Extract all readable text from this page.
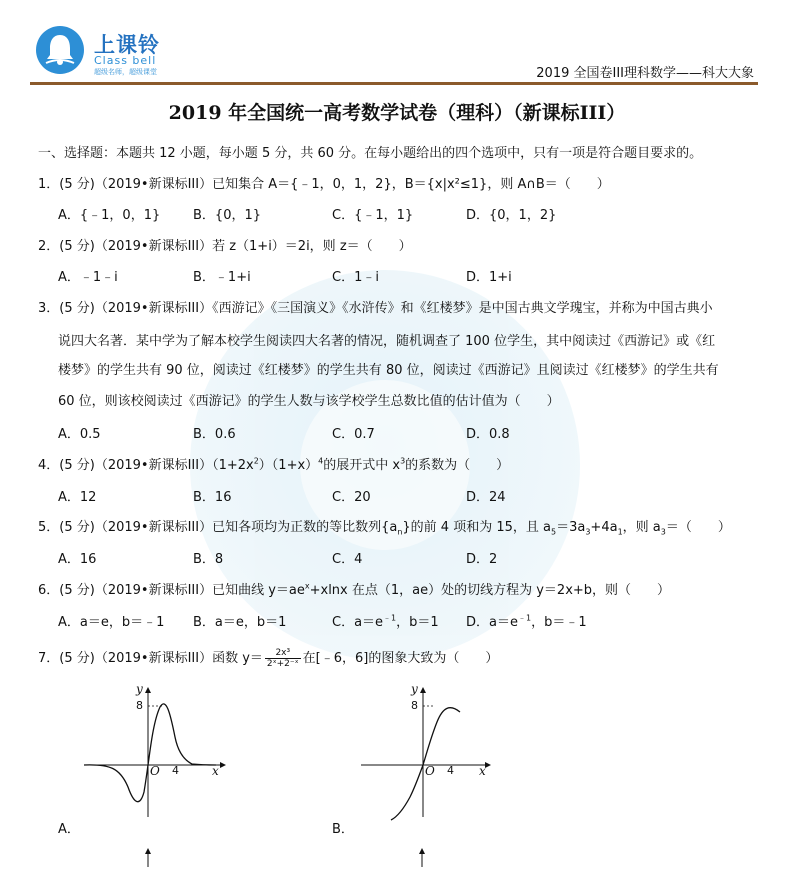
上课铃
Class bell
超级名师，超级课堂	2019 全国卷III理科数学——科大大象
2019 年全国统一高考数学试卷（理科）（新课标III）
一、选择题：本题共 12 小题，每小题 5 分，共 60 分。在每小题给出的四个选项中，只有一项是符合题目要求的。
1．(5 分)（2019•新课标III）已知集合 A＝{﹣1，0，1，2}，B＝{x|x²≤1}，则 A∩B＝（　　）
A．{﹣1，0，1}	B．{0，1}	C．{﹣1，1}	D．{0，1，2}
2．(5 分)（2019•新课标III）若 z（1+i）＝2i，则 z＝（　　）
A．﹣1﹣i	B．﹣1+i	C．1﹣i	D．1+i
3．(5 分)（2019•新课标III）《西游记》《三国演义》《水浒传》和《红楼梦》是中国古典文学瑰宝，并称为中国古典小
说四大名著．某中学为了解本校学生阅读四大名著的情况，随机调查了 100 位学生，其中阅读过《西游记》或《红
楼梦》的学生共有 90 位，阅读过《红楼梦》的学生共有 80 位，阅读过《西游记》且阅读过《红楼梦》的学生共有
60 位，则该校阅读过《西游记》的学生人数与该学校学生总数比值的估计值为（　　）
A．0.5	B．0.6	C．0.7	D．0.8
4．(5 分)（2019•新课标$III)(1+2x^2)(1+x)^4$的展开式中 $x^3$的系数为（　　）
A．12	B．16	C．20	D．24
5．(5 分)（2019•新课标III）已知各项均为正数的等比数列$\{a_n\}$的前 4 项和为 15，且 $a_5=3a_3+4a_1$，则 $a_3=$（　　）
A．16	B．8	C．4	D．2
6．(5 分)（2019•新课标III）已知曲线 $y=ae^x+xlnx$ 在点（1，ae）处的切线方程为 y＝2x+b，则（　　）
A．a＝e，b＝﹣1 B．a＝e，b＝1	C．$a=e^{﹣1}$，b＝1 D．$a=e^{﹣1}$，b＝﹣1
7．(5 分)（2019•新课标III）函数 $y= \frac{\text{2x³}}{\text{2ˣ+2⁻ˣ}}$ 在[﹣6，6]的图象大致为（　　）
y
8
O 4	x
A．
y
8
O 4 x
B．
